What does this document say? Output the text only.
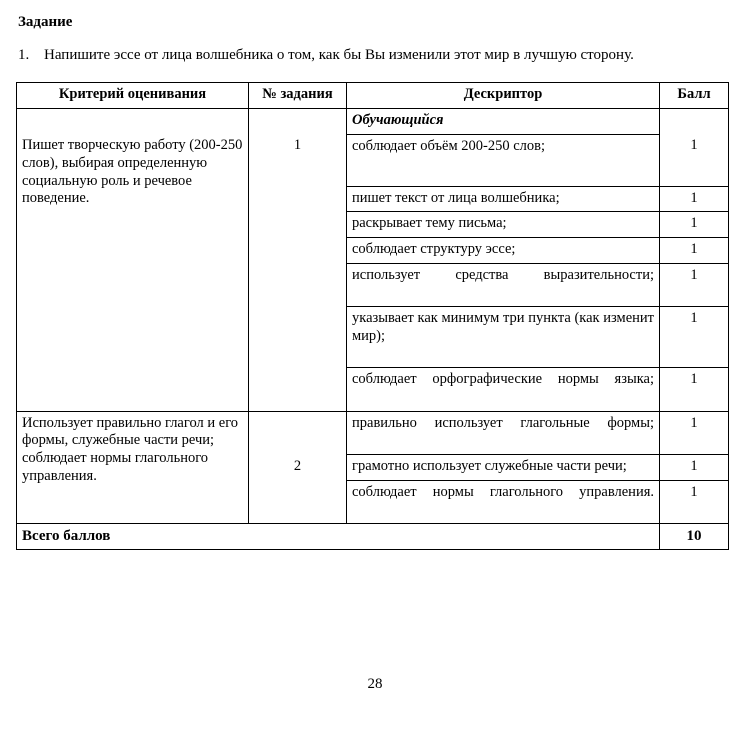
Задание
1. Напишите эссе от лица волшебника о том, как бы Вы изменили этот мир в лучшую сторону.
Критерий оценивания	№ задания	Дескриптор	Балл
		Обучающийся	
Пишет творческую работу (200-250 слов), выбирая определенную социальную роль и речевое поведение.	1	соблюдает объём 200-250 слов;	1
		пишет текст от лица волшебника;	1
		раскрывает тему письма;	1
		соблюдает структуру эссе;	1
		использует средства выразительности;	1
		указывает как минимум три пункта (как изменит мир);	1
		соблюдает орфографические нормы языка;	1
Использует правильно глагол и его формы, служебные части речи; соблюдает нормы глагольного управления.	2	правильно использует глагольные формы;	1
		грамотно использует служебные части речи;	1
		соблюдает нормы глагольного управления.	1
Всего баллов			10
28
